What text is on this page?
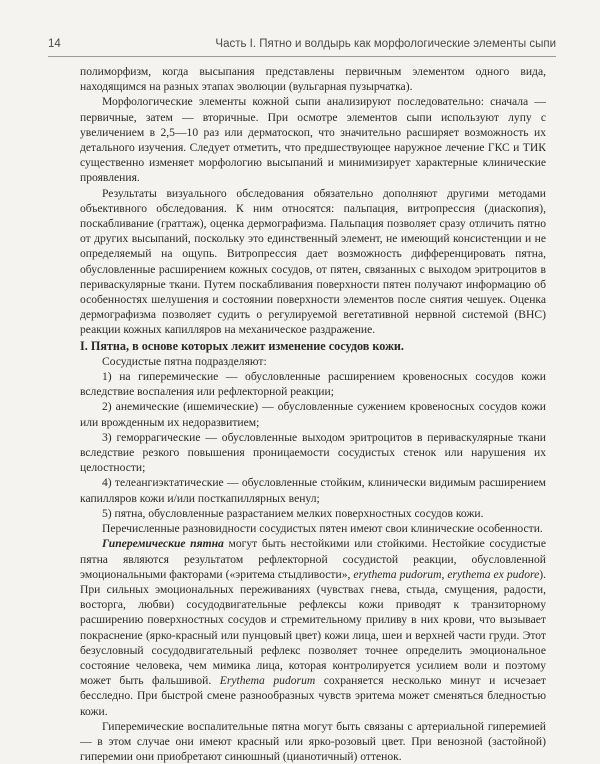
14	Часть I. Пятно и волдырь как морфологические элементы сыпи

полиморфизм, когда высыпания представлены первичным элементом одного вида, находящимся на разных этапах эволюции (вульгарная пузырчатка).

Морфологические элементы кожной сыпи анализируют последовательно: сначала — первичные, затем — вторичные. При осмотре элементов сыпи используют лупу с увеличением в 2,5—10 раз или дерматоскоп, что значительно расширяет возможность их детального изучения. Следует отметить, что предшествующее наружное лечение ГКС и ТИК существенно изменяет морфологию высыпаний и минимизирует характерные клинические проявления.

Результаты визуального обследования обязательно дополняют другими методами объективного обследования. К ним относятся: пальпация, витропрессия (диаскопия), поскабливание (граттаж), оценка дермографизма. Пальпация позволяет сразу отличить пятно от других высыпаний, поскольку это единственный элемент, не имеющий консистенции и не определяемый на ощупь. Витропрессия дает возможность дифференцировать пятна, обусловленные расширением кожных сосудов, от пятен, связанных с выходом эритроцитов в периваскулярные ткани. Путем поскабливания поверхности пятен получают информацию об особенностях шелушения и состоянии поверхности элементов после снятия чешуек. Оценка дермографизма позволяет судить о регулируемой вегетативной нервной системой (ВНС) реакции кожных капилляров на механическое раздражение.

I. Пятна, в основе которых лежит изменение сосудов кожи.

Сосудистые пятна подразделяют:

1) на гиперемические — обусловленные расширением кровеносных сосудов кожи вследствие воспаления или рефлекторной реакции;

2) анемические (ишемические) — обусловленные сужением кровеносных сосудов кожи или врожденным их недоразвитием;

3) геморрагические — обусловленные выходом эритроцитов в периваскулярные ткани вследствие резкого повышения проницаемости сосудистых стенок или нарушения их целостности;

4) телеангиэктатические — обусловленные стойким, клинически видимым расширением капилляров кожи и/или посткапиллярных венул;

5) пятна, обусловленные разрастанием мелких поверхностных сосудов кожи.

Перечисленные разновидности сосудистых пятен имеют свои клинические особенности.

Гиперемические пятна могут быть нестойкими или стойкими. Нестойкие сосудистые пятна являются результатом рефлекторной сосудистой реакции, обусловленной эмоциональными факторами («эритема стыдливости», erythema pudorum, erythema ex pudore). При сильных эмоциональных переживаниях (чувствах гнева, стыда, смущения, радости, восторга, любви) сосудодвигательные рефлексы кожи приводят к транзиторному расширению поверхностных сосудов и стремительному приливу в них крови, что вызывает покраснение (ярко-красный или пунцовый цвет) кожи лица, шеи и верхней части груди. Этот безусловный сосудодвигательный рефлекс позволяет точнее определить эмоциональное состояние человека, чем мимика лица, которая контролируется усилием воли и поэтому может быть фальшивой. Erythema pudorum сохраняется несколько минут и исчезает бесследно. При быстрой смене разнообразных чувств эритема может сменяться бледностью кожи.

Гиперемические воспалительные пятна могут быть связаны с артериальной гиперемией — в этом случае они имеют красный или ярко-розовый цвет. При венозной (застойной) гиперемии они приобретают синюшный (цианотичный) оттенок.
